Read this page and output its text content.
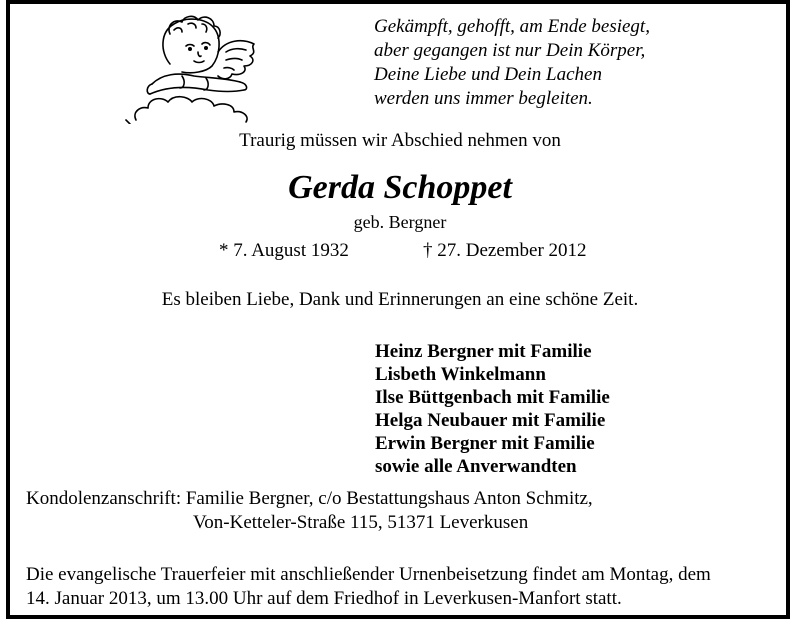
Gekämpft, gehofft, am Ende besiegt,
aber gegangen ist nur Dein Körper,
Deine Liebe und Dein Lachen
werden uns immer begleiten.
Traurig müssen wir Abschied nehmen von
Gerda Schoppet
geb. Bergner
* 7. August 1932	† 27. Dezember 2012
Es bleiben Liebe, Dank und Erinnerungen an eine schöne Zeit.
Heinz Bergner mit Familie
Lisbeth Winkelmann
Ilse Büttgenbach mit Familie
Helga Neubauer mit Familie
Erwin Bergner mit Familie
sowie alle Anverwandten
Kondolenzanschrift: Familie Bergner, c/o Bestattungshaus Anton Schmitz,
Von-Ketteler-Straße 115, 51371 Leverkusen
Die evangelische Trauerfeier mit anschließender Urnenbeisetzung findet am Montag, dem
14. Januar 2013, um 13.00 Uhr auf dem Friedhof in Leverkusen-Manfort statt.
